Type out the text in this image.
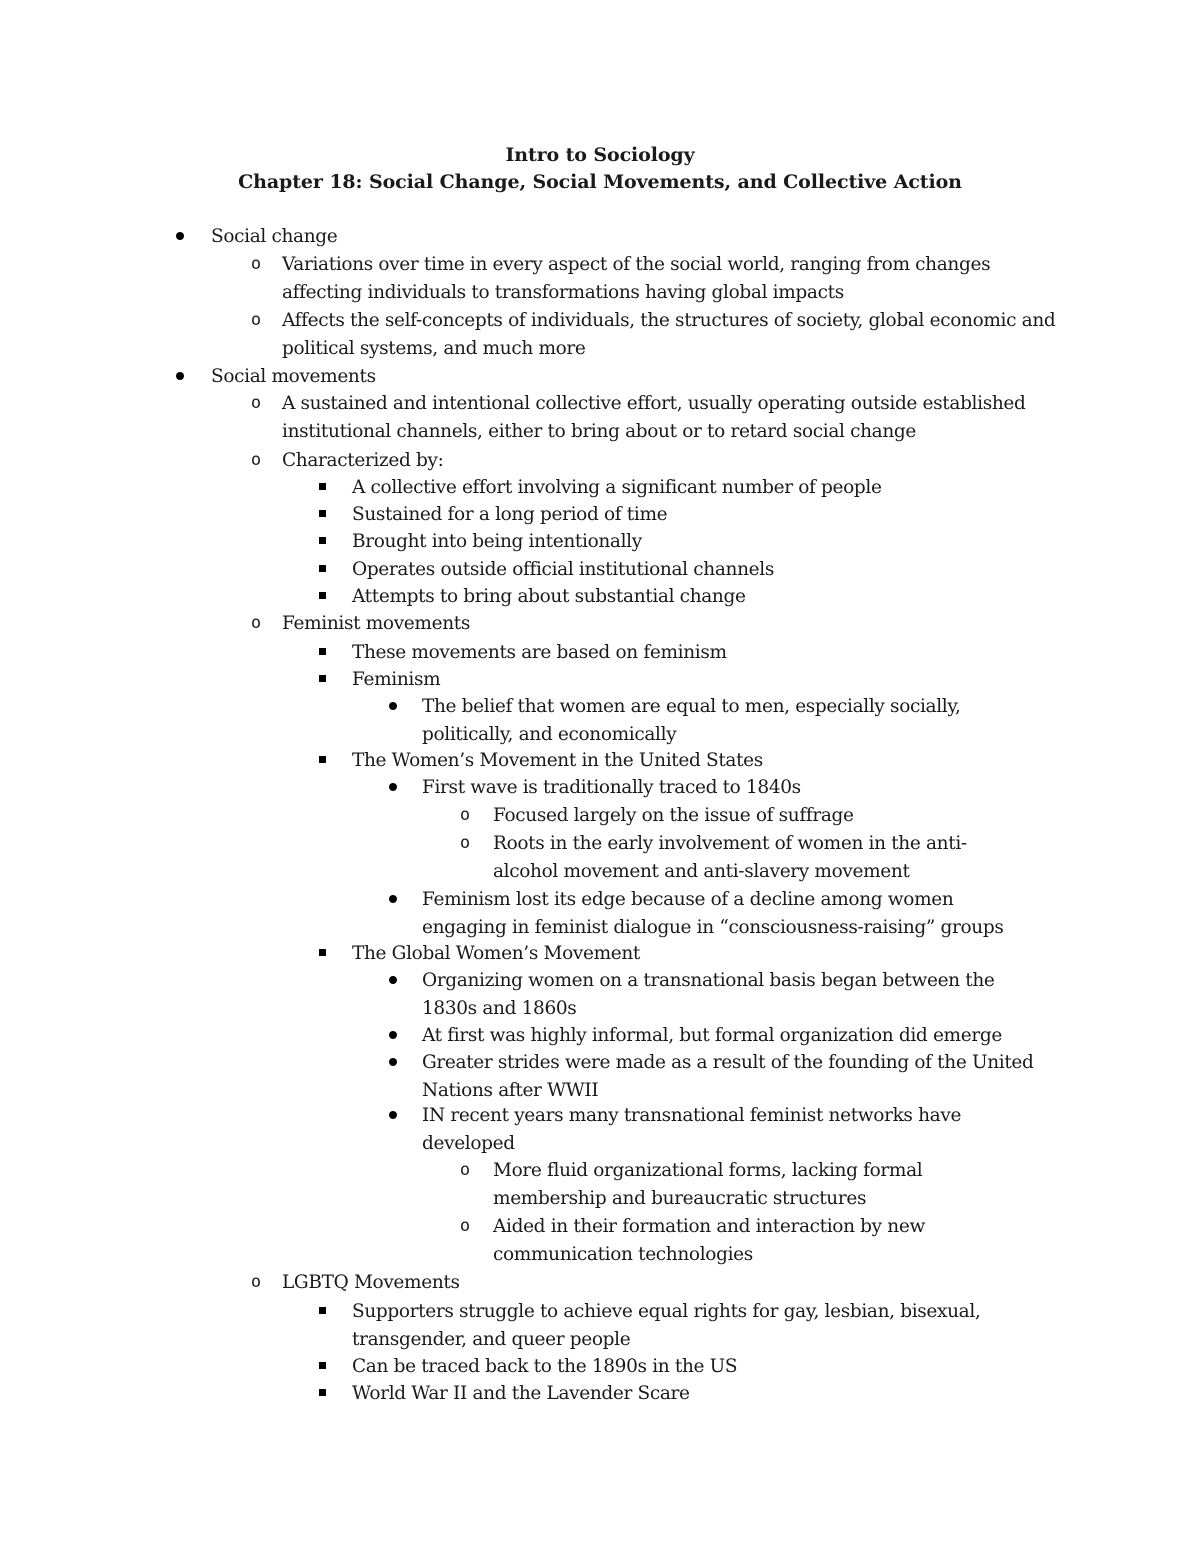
Intro to Sociology
Chapter 18: Social Change, Social Movements, and Collective Action
Social change
o Variations over time in every aspect of the social world, ranging from changes affecting individuals to transformations having global impacts
o Affects the self-concepts of individuals, the structures of society, global economic and political systems, and much more
Social movements
o A sustained and intentional collective effort, usually operating outside established institutional channels, either to bring about or to retard social change
o Characterized by:
A collective effort involving a significant number of people
Sustained for a long period of time
Brought into being intentionally
Operates outside official institutional channels
Attempts to bring about substantial change
o Feminist movements
These movements are based on feminism
Feminism
The belief that women are equal to men, especially socially, politically, and economically
The Women’s Movement in the United States
First wave is traditionally traced to 1840s
o Focused largely on the issue of suffrage
o Roots in the early involvement of women in the anti-alcohol movement and anti-slavery movement
Feminism lost its edge because of a decline among women engaging in feminist dialogue in “consciousness-raising” groups
The Global Women’s Movement
Organizing women on a transnational basis began between the 1830s and 1860s
At first was highly informal, but formal organization did emerge
Greater strides were made as a result of the founding of the United Nations after WWII
IN recent years many transnational feminist networks have developed
o More fluid organizational forms, lacking formal membership and bureaucratic structures
o Aided in their formation and interaction by new communication technologies
o LGBTQ Movements
Supporters struggle to achieve equal rights for gay, lesbian, bisexual, transgender, and queer people
Can be traced back to the 1890s in the US
World War II and the Lavender Scare
